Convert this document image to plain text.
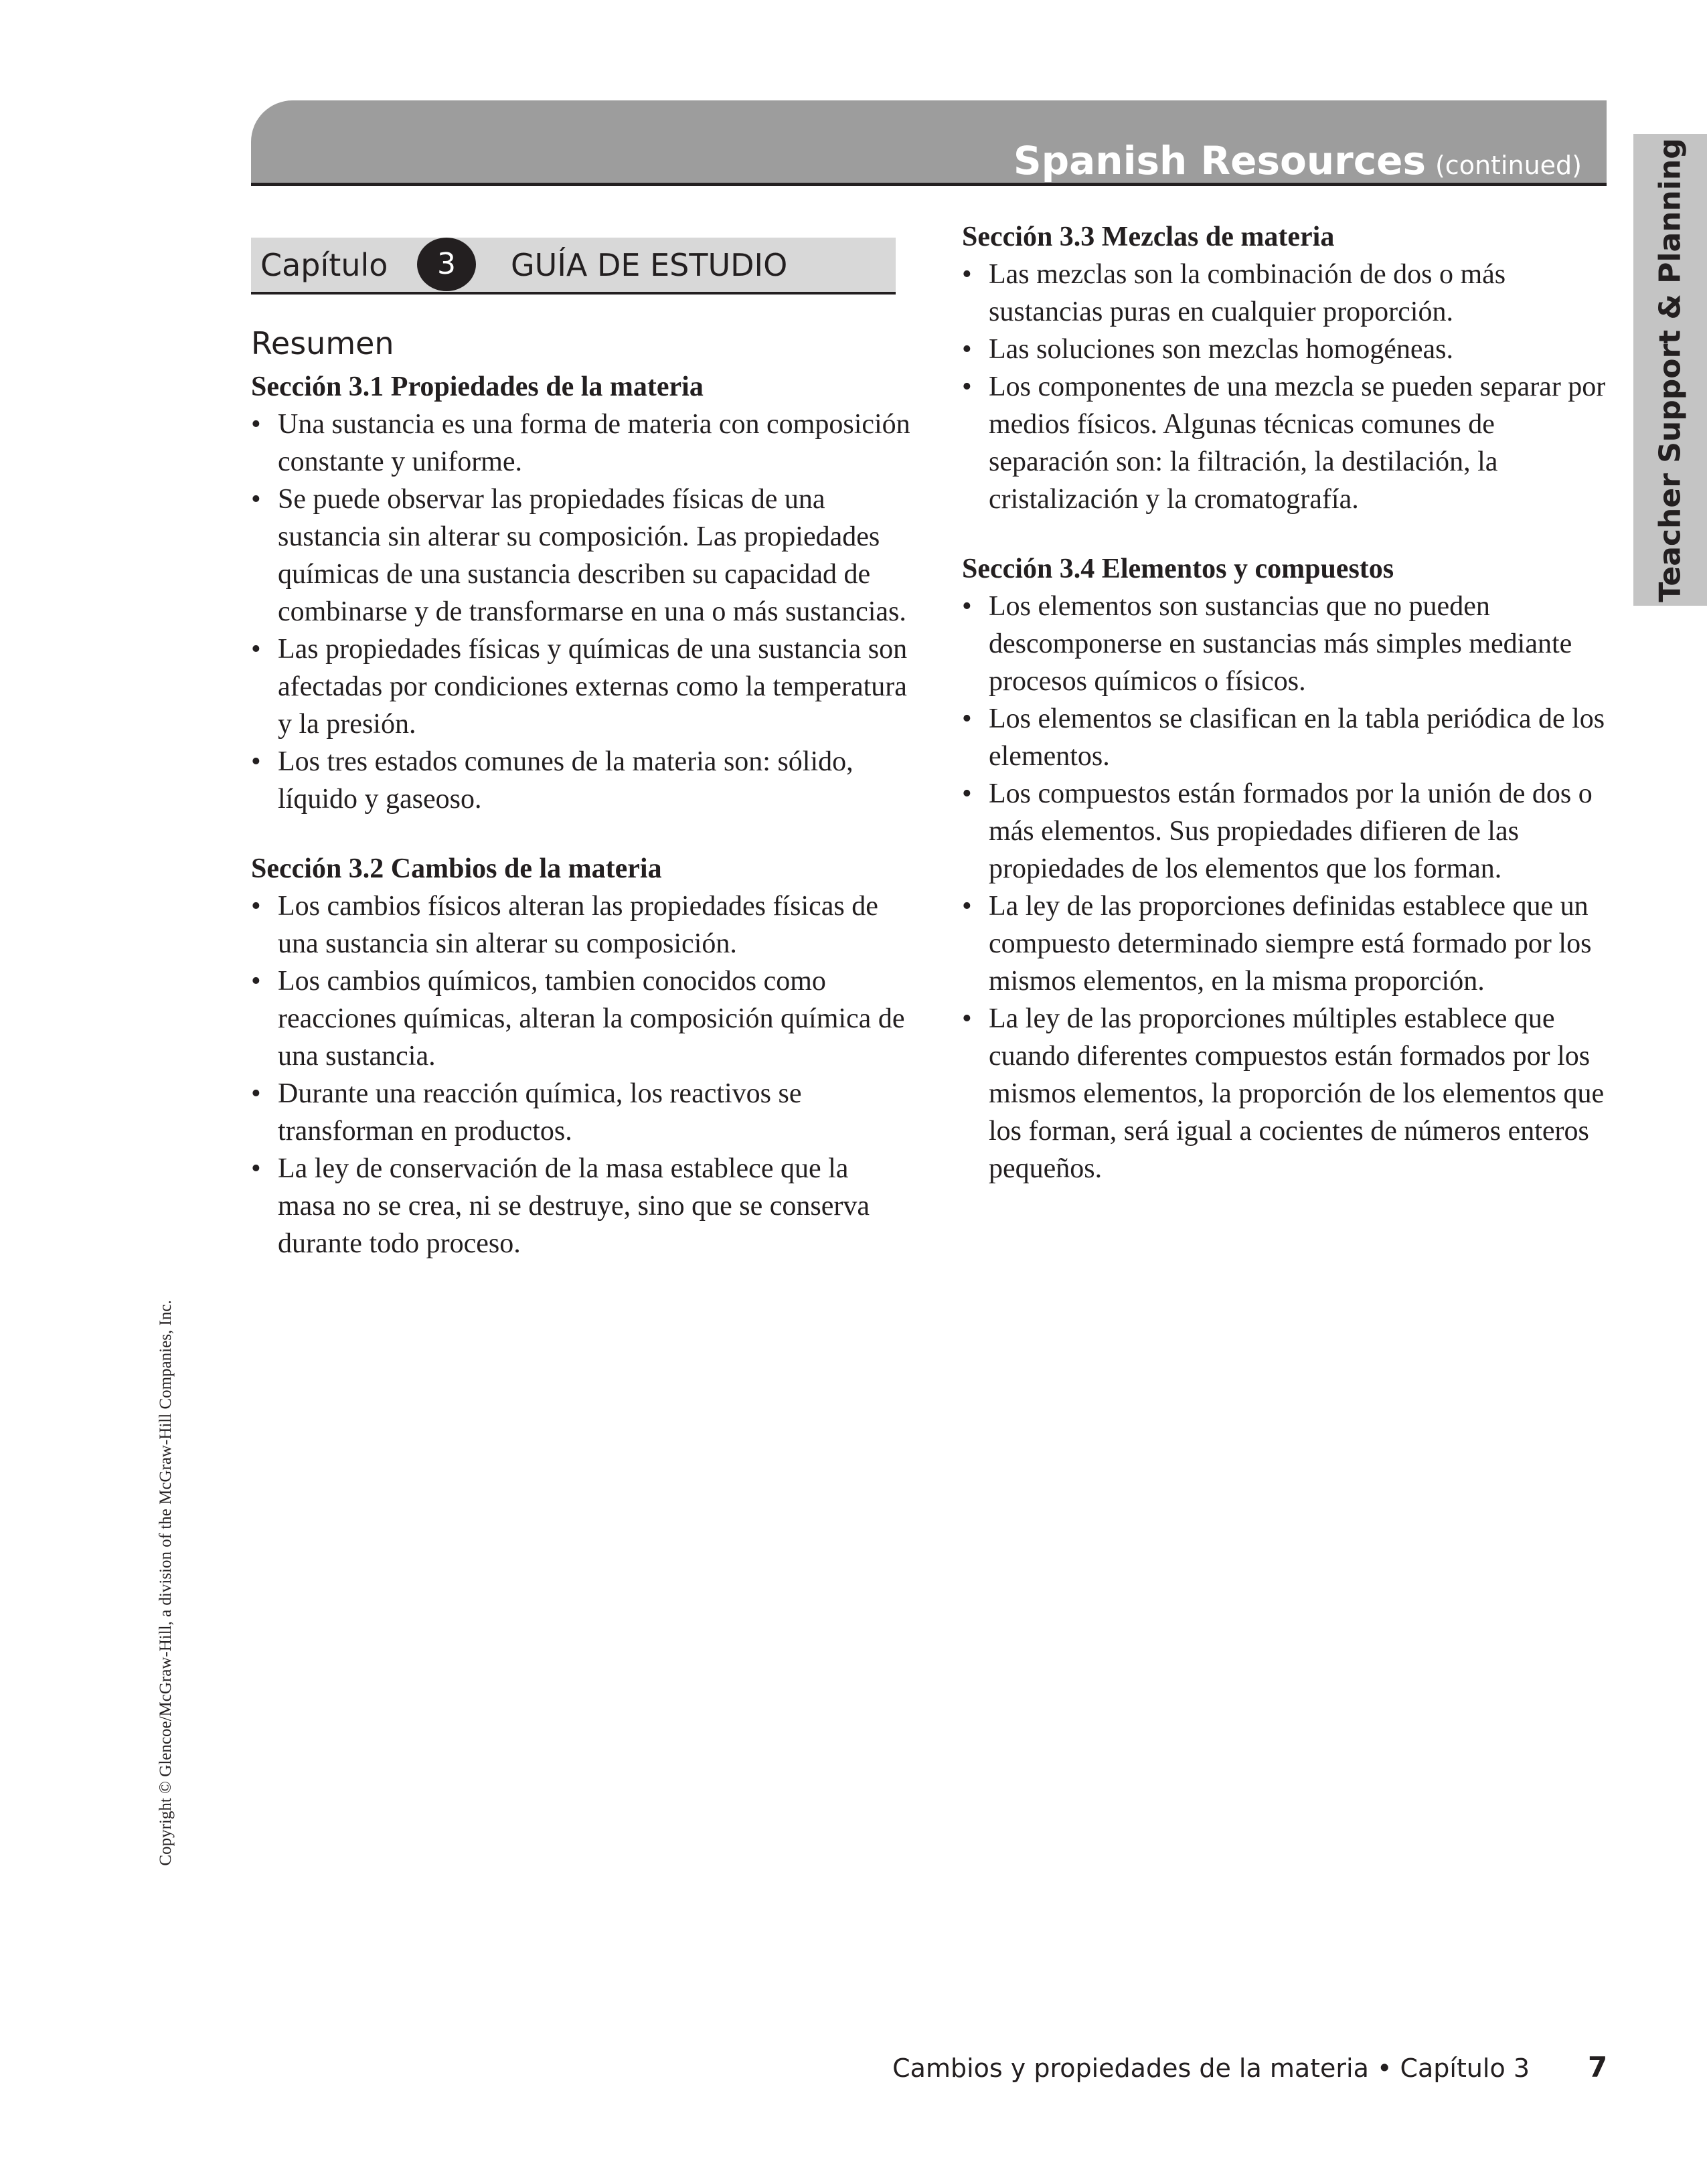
Spanish Resources (continued) Teacher Support & Planning
Capítulo	3	GUÍA DE ESTUDIO
Resumen

Sección 3.1 Propiedades de la materia

• Una sustancia es una forma de materia con composición constante y uniforme.
• Se puede observar las propiedades físicas de una sustancia sin alterar su composición. Las propiedades químicas de una sustancia describen su capacidad de combinarse y de transformarse en una o más sustancias.
• Las propiedades físicas y químicas de una sustancia son afectadas por condiciones externas como la temperatura y la presión.
• Los tres estados comunes de la materia son: sólido, líquido y gaseoso.

Sección 3.2 Cambios de la materia

• Los cambios físicos alteran las propiedades físicas de una sustancia sin alterar su composición.
• Los cambios químicos, tambien conocidos como reacciones químicas, alteran la composición química de una sustancia.
• Durante una reacción química, los reactivos se transforman en productos.
• La ley de conservación de la masa establece que la masa no se crea, ni se destruye, sino que se conserva durante todo proceso.

Sección 3.3 Mezclas de materia

• Las mezclas son la combinación de dos o más sustancias puras en cualquier proporción.
• Las soluciones son mezclas homogéneas.
• Los componentes de una mezcla se pueden separar por medios físicos. Algunas técnicas comunes de separación son: la filtración, la destilación, la cristalización y la cromatografía.

Sección 3.4 Elementos y compuestos

• Los elementos son sustancias que no pueden descomponerse en sustancias más simples mediante procesos químicos o físicos.
• Los elementos se clasifican en la tabla periódica de los elementos.
• Los compuestos están formados por la unión de dos o más elementos. Sus propiedades difieren de las propiedades de los elementos que los forman.
• La ley de las proporciones definidas establece que un compuesto determinado siempre está formado por los mismos elementos, en la misma proporción.
• La ley de las proporciones múltiples establece que cuando diferentes compuestos están formados por los mismos elementos, la proporción de los elementos que los forman, será igual a cocientes de números enteros pequeños.
Copyright © Glencoe/McGraw-Hill, a division of the McGraw-Hill Companies, Inc.
Cambios y propiedades de la materia • Capítulo 3 7
